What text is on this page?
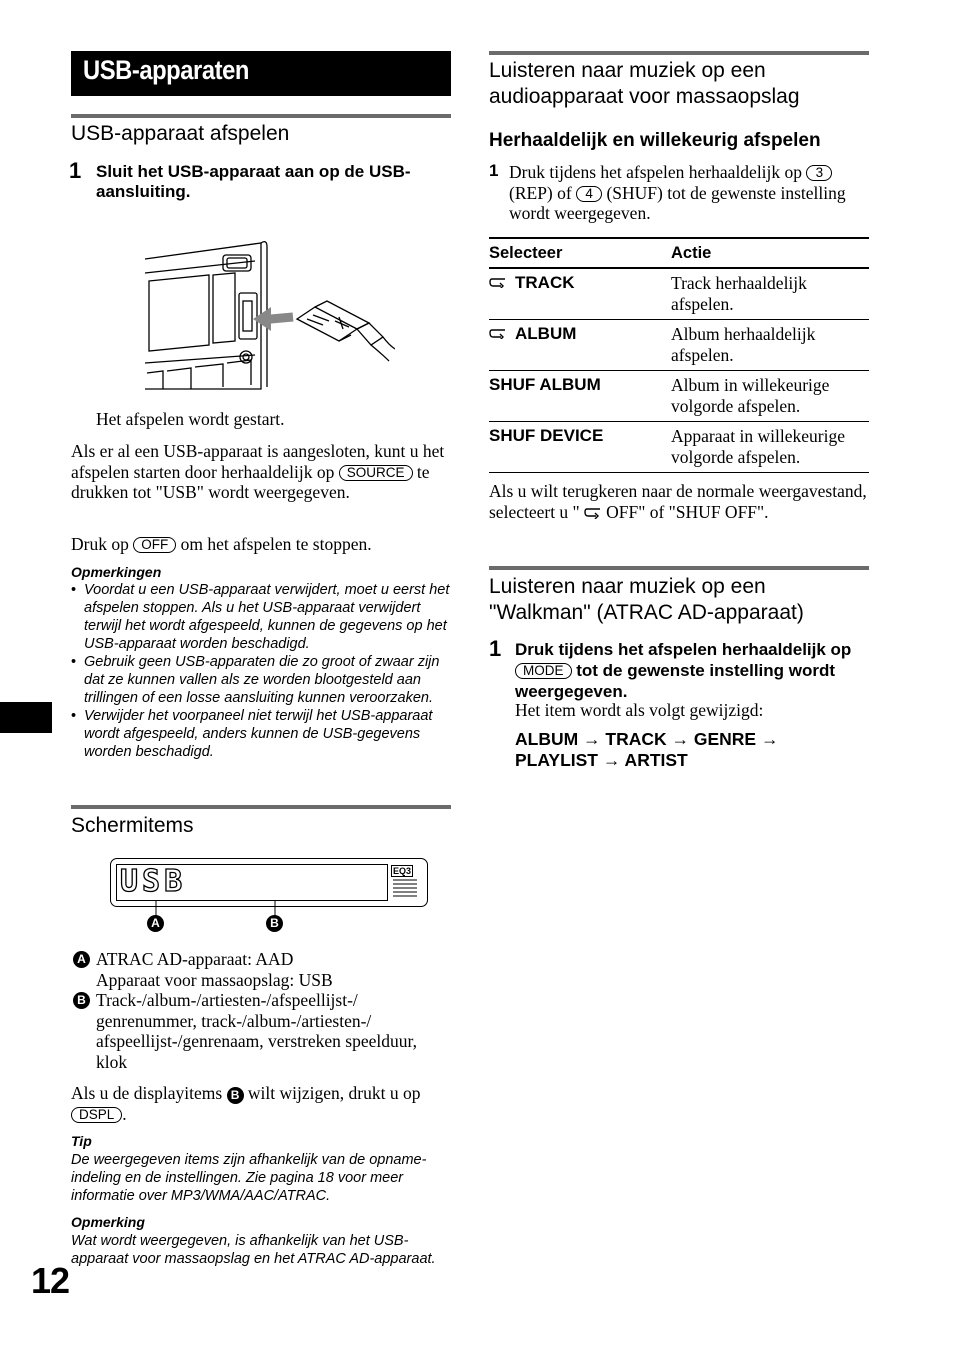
USB-apparaten
USB-apparaat afspelen
1 Sluit het USB-apparaat aan op de USB-aansluiting.
Het afspelen wordt gestart.
Als er al een USB-apparaat is aangesloten, kunt u het afspelen starten door herhaaldelijk op SOURCE te drukken tot "USB" wordt weergegeven.
Druk op OFF om het afspelen te stoppen.
Opmerkingen
• Voordat u een USB-apparaat verwijdert, moet u eerst het afspelen stoppen. Als u het USB-apparaat verwijdert terwijl het wordt afgespeeld, kunnen de gegevens op het USB-apparaat worden beschadigd.
• Gebruik geen USB-apparaten die zo groot of zwaar zijn dat ze kunnen vallen als ze worden blootgesteld aan trillingen of een losse aansluiting kunnen veroorzaken.
• Verwijder het voorpaneel niet terwijl het USB-apparaat wordt afgespeeld, anders kunnen de USB-gegevens worden beschadigd.
Schermitems
USB	EQ3
A	B
A ATRAC AD-apparaat: AAD
Apparaat voor massaopslag: USB
B Track-/album-/artiesten-/afspeellijst-/ genrenummer, track-/album-/artiesten-/ afspeellijst-/genrenaam, verstreken speelduur, klok
Als u de displayitems B wilt wijzigen, drukt u op DSPL .
Tip
De weergegeven items zijn afhankelijk van de opname-indeling en de instellingen. Zie pagina 18 voor meer informatie over MP3/WMA/AAC/ATRAC.
Opmerking
Wat wordt weergegeven, is afhankelijk van het USB-apparaat voor massaopslag en het ATRAC AD-apparaat.
Luisteren naar muziek op een audioapparaat voor massaopslag
Herhaaldelijk en willekeurig afspelen
1 Druk tijdens het afspelen herhaaldelijk op 3 (REP) of 4 (SHUF) tot de gewenste instelling wordt weergegeven.
Selecteer	Actie
TRACK	Track herhaaldelijk afspelen.
ALBUM	Album herhaaldelijk afspelen.
SHUF ALBUM	Album in willekeurige volgorde afspelen.
SHUF DEVICE	Apparaat in willekeurige volgorde afspelen.
Als u wilt terugkeren naar de normale weergavestand, selecteert u " OFF" of "SHUF OFF".
Luisteren naar muziek op een "Walkman" (ATRAC AD-apparaat)
1 Druk tijdens het afspelen herhaaldelijk op MODE tot de gewenste instelling wordt weergegeven.
Het item wordt als volgt gewijzigd:
ALBUM → TRACK → GENRE →
PLAYLIST → ARTIST
12
